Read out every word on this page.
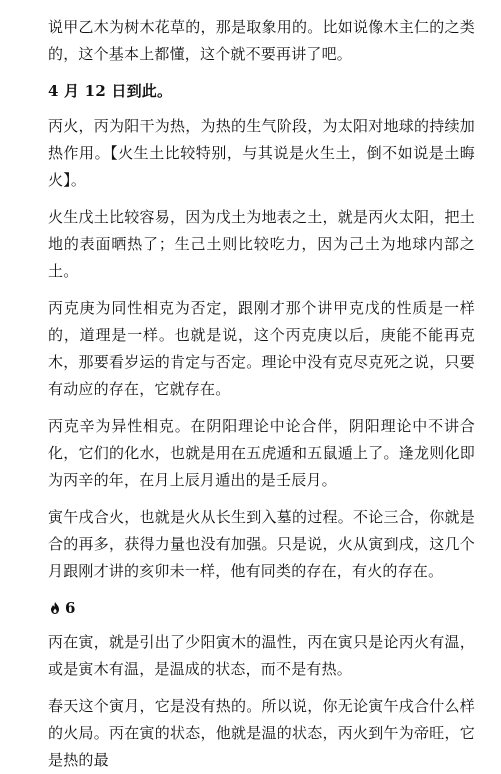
说甲乙木为树木花草的，那是取象用的。比如说像木主仁的之类的，这个基本上都懂，这个就不要再讲了吧。

4 月 12 日到此。

丙火，丙为阳干为热，为热的生气阶段，为太阳对地球的持续加热作用。【火生土比较特别，与其说是火生土，倒不如说是土晦火】。

火生戊土比较容易，因为戊土为地表之土，就是丙火太阳，把土地的表面晒热了；生己土则比较吃力，因为己土为地球内部之土。

丙克庚为同性相克为否定，跟刚才那个讲甲克戊的性质是一样的，道理是一样。也就是说，这个丙克庚以后，庚能不能再克木，那要看岁运的肯定与否定。理论中没有克尽克死之说，只要有动应的存在，它就存在。

丙克辛为异性相克。在阴阳理论中论合伴，阴阳理论中不讲合化，它们的化水，也就是用在五虎遁和五鼠遁上了。逢龙则化即为丙辛的年，在月上辰月遁出的是壬辰月。

寅午戌合火，也就是火从长生到入墓的过程。不论三合，你就是合的再多，获得力量也没有加强。只是说，火从寅到戌，这几个月跟刚才讲的亥卯未一样，他有同类的存在，有火的存在。

6

丙在寅，就是引出了少阳寅木的温性，丙在寅只是论丙火有温，或是寅木有温，是温成的状态，而不是有热。

春天这个寅月，它是没有热的。所以说，你无论寅午戌合什么样的火局。丙在寅的状态，他就是温的状态，丙火到午为帝旺，它是热的最
